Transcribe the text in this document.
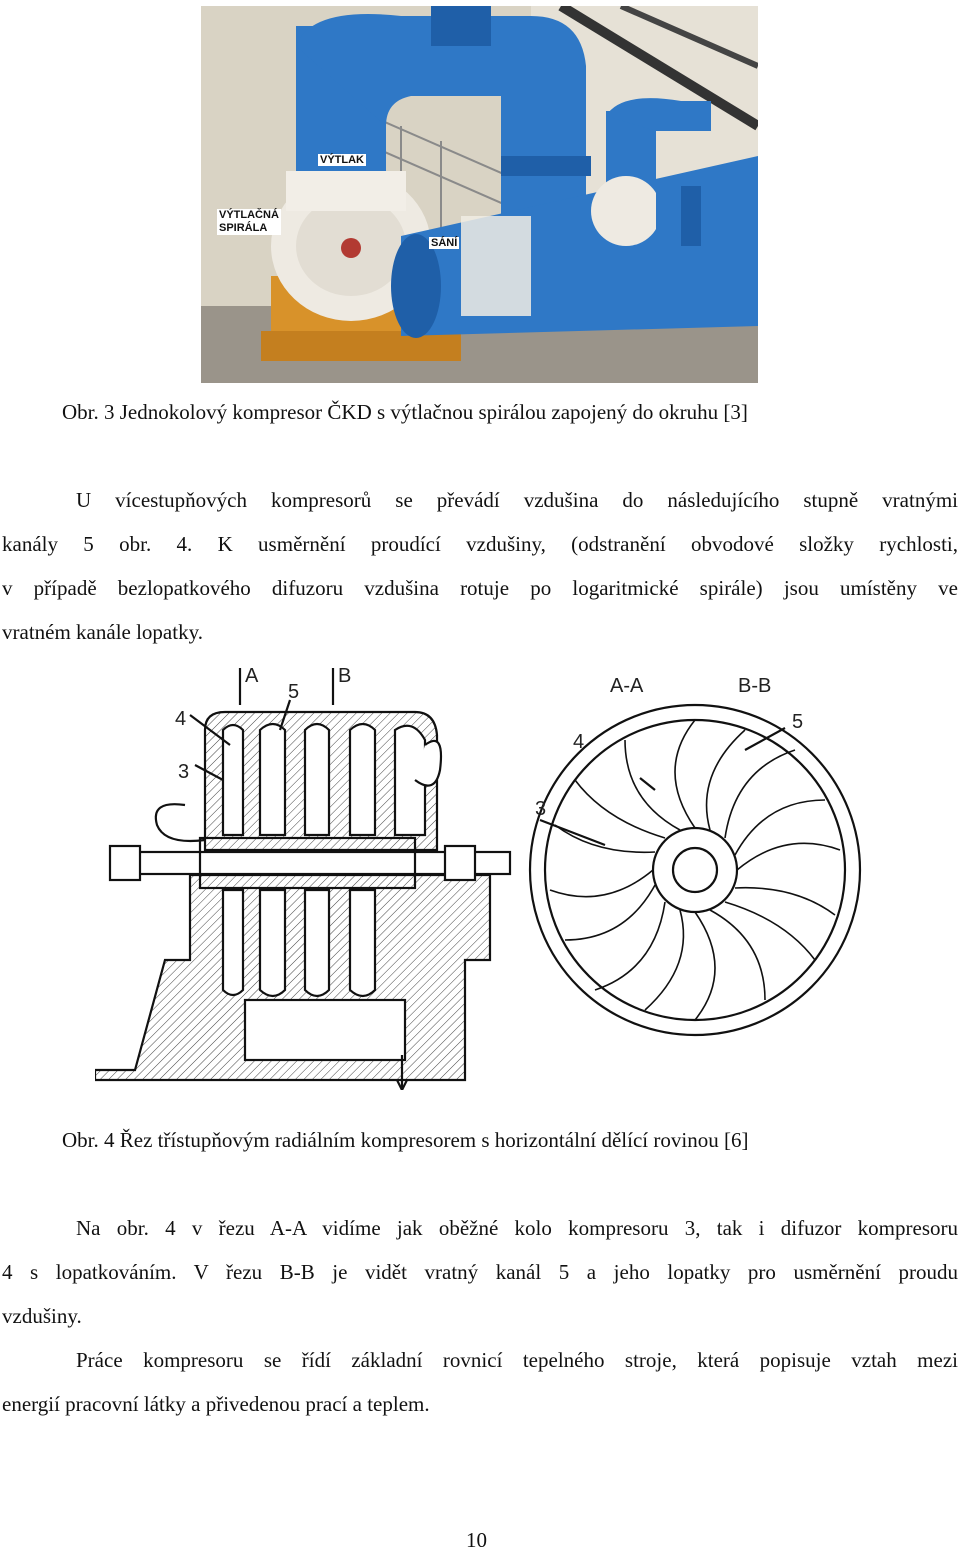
VÝTLAK
VÝTLAČNÁ
SPIRÁLA
SÁNÍ
Obr. 3 Jednokolový kompresor ČKD s výtlačnou spirálou zapojený do okruhu [3]
U vícestupňových kompresorů se převádí vzdušina do následujícího stupně vratnými
kanály 5 obr. 4. K usměrnění proudící vzdušiny, (odstranění obvodové složky rychlosti,
v případě bezlopatkového difuzoru vzdušina rotuje po logaritmické spirále) jsou umístěny ve
vratném kanále lopatky.
A	B
5
4
3
A-A	B-B
5
4
3
Obr. 4 Řez třístupňovým radiálním kompresorem s horizontální dělící rovinou [6]
Na obr. 4 v řezu A-A vidíme jak oběžné kolo kompresoru 3, tak i difuzor kompresoru
4 s lopatkováním. V řezu B-B je vidět vratný kanál 5 a jeho lopatky pro usměrnění proudu
vzdušiny.
Práce kompresoru se řídí základní rovnicí tepelného stroje, která popisuje vztah mezi
energií pracovní látky a přivedenou prací a teplem.
10
